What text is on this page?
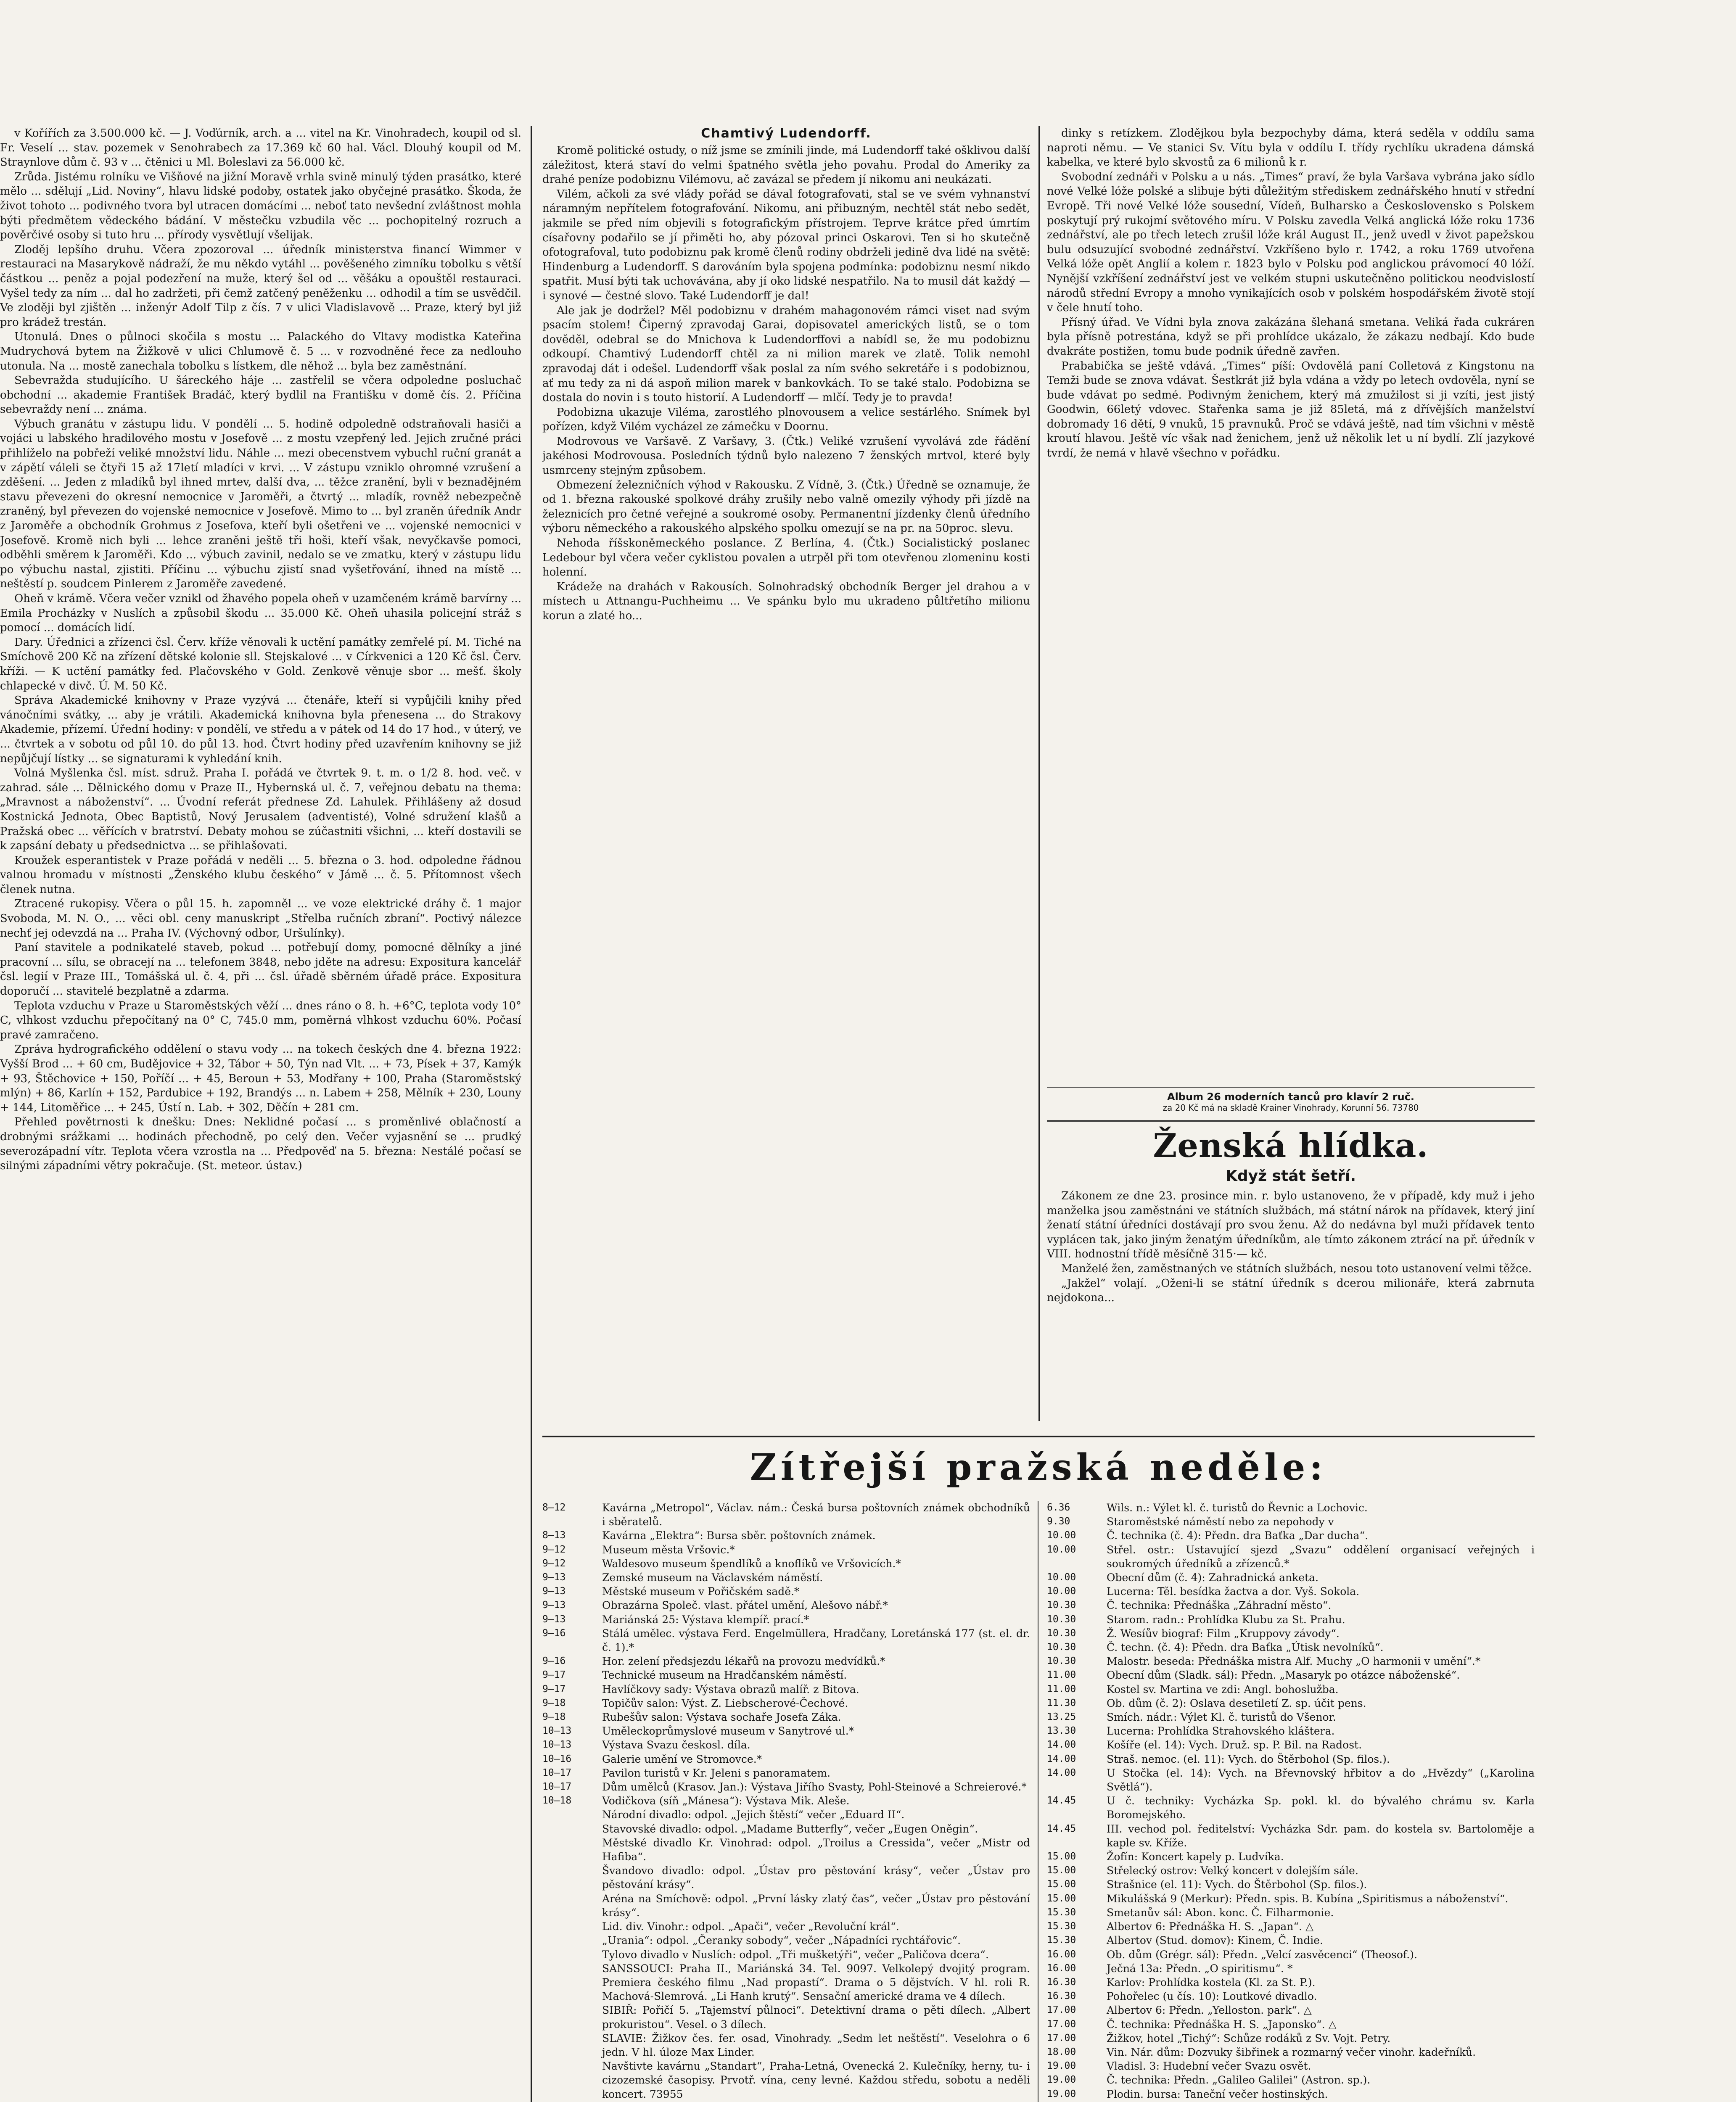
v Kořířích za 3.500.000 kč. — J. Voďúrník, arch. a ... vitel na Kr. Vinohradech, koupil od sl. Fr. Veselí ... stav. pozemek v Senohrabech za 17.369 kč 60 hal. Václ. Dlouhý koupil od M. Straynlove dům č. 93 v ... čtěnici u Ml. Boleslavi za 56.000 kč.

Zrůda. Jistému rolníku ve Višňové na jižní Moravě vrhla svině minulý týden prasátko, které mělo ... sdělují „Lid. Noviny“, hlavu lidské podoby, ostatek jako obyčejné prasátko. Škoda, že život tohoto ... podivného tvora byl utracen domácími ... neboť tato nevšední zvláštnost mohla býti předmětem vědeckého bádání. V městečku vzbudila věc ... pochopitelný rozruch a pověrčivé osoby si tuto hru ... přírody vysvětlují všelijak.

Zloděj lepšího druhu. Včera zpozoroval ... úředník ministerstva financí Wimmer v restauraci na Masarykově nádraží, že mu někdo vytáhl ... pověšeného zimníku tobolku s větší částkou ... peněz a pojal podezření na muže, který šel od ... věšáku a opouštěl restauraci. Vyšel tedy za ním ... dal ho zadržeti, při čemž zatčený peněženku ... odhodil a tím se usvědčil. Ve zloději byl zjištěn ... inženýr Adolf Tilp z čís. 7 v ulici Vladislavově ... Praze, který byl již pro krádež trestán.

Utonulá. Dnes o půlnoci skočila s mostu ... Palackého do Vltavy modistka Kateřina Mudrychová bytem na Žižkově v ulici Chlumově č. 5 ... v rozvodněné řece za nedlouho utonula. Na ... mostě zanechala tobolku s lístkem, dle něhož ... byla bez zaměstnání.

Sebevražda studujícího. U šáreckého háje ... zastřelil se včera odpoledne posluchač obchodní ... akademie František Bradáč, který bydlil na Františku v domě čís. 2. Příčina sebevraždy není ... známa.

Výbuch granátu v zástupu lidu. V pondělí ... 5. hodině odpoledně odstraňovali hasiči a vojáci u labského hradilového mostu v Josefově ... z mostu vzepřený led. Jejich zručné práci přihlíželo na pobřeží veliké množství lidu. Náhle ... mezi obecenstvem vybuchl ruční granát a v zápětí váleli se čtyři 15 až 17letí mladíci v krvi. ... V zástupu vzniklo ohromné vzrušení a zděšení. ... Jeden z mladíků byl ihned mrtev, další dva, ... těžce zranění, byli v beznadějném stavu převezeni do okresní nemocnice v Jaroměři, a čtvrtý ... mladík, rovněž nebezpečně zraněný, byl převezen do vojenské nemocnice v Josefově. Mimo to ... byl zraněn úředník Andr z Jaroměře a obchodník Grohmus z Josefova, kteří byli ošetřeni ve ... vojenské nemocnici v Josefově. Kromě nich byli ... lehce zraněni ještě tři hoši, kteří však, nevyčkavše pomoci, odběhli směrem k Jaroměři. Kdo ... výbuch zavinil, nedalo se ve zmatku, který v zástupu lidu po výbuchu nastal, zjistiti. Příčinu ... výbuchu zjistí snad vyšetřování, ihned na místě ... neštěstí p. soudcem Pinlerem z Jaroměře zavedené.

Oheň v krámě. Včera večer vznikl od žhavého popela oheň v uzamčeném krámě barvírny ... Emila Procházky v Nuslích a způsobil škodu ... 35.000 Kč. Oheň uhasila policejní stráž s pomocí ... domácích lidí.

Dary. Úřednici a zřízenci čsl. Červ. kříže věnovali k uctění památky zemřelé pí. M. Tiché na Smíchově 200 Kč na zřízení dětské kolonie sll. Stejskalové ... v Církvenici a 120 Kč čsl. Červ. kříži. — K uctění památky fed. Plačovského v Gold. Zenkově věnuje sbor ... mešť. školy chlapecké v divč. Ú. M. 50 Kč.

Správa Akademické knihovny v Praze vyzývá ... čtenáře, kteří si vypůjčili knihy před vánočními svátky, ... aby je vrátili. Akademická knihovna byla přenesena ... do Strakovy Akademie, přízemí. Úřední hodiny: v pondělí, ve středu a v pátek od 14 do 17 hod., v úterý, ve ... čtvrtek a v sobotu od půl 10. do půl 13. hod. Čtvrt hodiny před uzavřením knihovny se již nepůjčují lístky ... se signaturami k vyhledání knih.

Volná Myšlenka čsl. míst. sdruž. Praha I. pořádá ve čtvrtek 9. t. m. o 1/2 8. hod. več. v zahrad. sále ... Dělnického domu v Praze II., Hybernská ul. č. 7, veřejnou debatu na thema: „Mravnost a náboženství“. ... Úvodní referát přednese Zd. Lahulek. Přihlášeny až dosud Kostnická Jednota, Obec Baptistů, Nový Jerusalem (adventisté), Volné sdružení klašů a Pražská obec ... věřících v bratrství. Debaty mohou se zúčastniti všichni, ... kteří dostavili se k zapsání debaty u předsednictva ... se přihlašovati.

Kroužek esperantistek v Praze pořádá v neděli ... 5. března o 3. hod. odpoledne řádnou valnou hromadu v místnosti „Ženského klubu českého“ v Jámě ... č. 5. Přítomnost všech členek nutna.

Ztracené rukopisy. Včera o půl 15. h. zapomněl ... ve voze elektrické dráhy č. 1 major Svoboda, M. N. O., ... věci obl. ceny manuskript „Střelba ručních zbraní“. Poctivý nálezce nechť jej odevzdá na ... Praha IV. (Výchovný odbor, Uršulínky).

Paní stavitele a podnikatelé staveb, pokud ... potřebují domy, pomocné dělníky a jiné pracovní ... sílu, se obracejí na ... telefonem 3848, nebo jděte na adresu: Expositura kancelář čsl. legií v Praze III., Tomášská ul. č. 4, při ... čsl. úřadě sběrném úřadě práce. Expositura doporučí ... stavitelé bezplatně a zdarma.

Teplota vzduchu v Praze u Staroměstských věží ... dnes ráno o 8. h. +6°C, teplota vody 10° C, vlhkost vzduchu přepočítaný na 0° C, 745.0 mm, poměrná vlhkost vzduchu 60%. Počasí pravé zamračeno.

Zpráva hydrografického oddělení o stavu vody ... na tokech českých dne 4. března 1922: Vyšší Brod ... + 60 cm, Budějovice + 32, Tábor + 50, Týn nad Vlt. ... + 73, Písek + 37, Kamýk + 93, Štěchovice + 150, Poříčí ... + 45, Beroun + 53, Modřany + 100, Praha (Staroměstský mlýn) + 86, Karlín + 152, Pardubice + 192, Brandýs ... n. Labem + 258, Mělník + 230, Louny + 144, Litoměřice ... + 245, Ústí n. Lab. + 302, Děčín + 281 cm.

Přehled povětrnosti k dnešku: Dnes: Neklidné počasí ... s proměnlivé oblačností a drobnými srážkami ... hodinách přechodně, po celý den. Večer vyjasnění se ... prudký severozápadní vítr. Teplota včera vzrostla na ... Předpověď na 5. března: Nestálé počasí se silnými západními větry pokračuje. (St. meteor. ústav.)

Chamtivý Ludendorff.

Kromě politické ostudy, o níž jsme se zmínili jinde, má Ludendorff také ošklivou další záležitost, která staví do velmi špatného světla jeho povahu. Prodal do Ameriky za drahé peníze podobiznu Vilémovu, ač zavázal se předem jí nikomu ani neukázati.

Vilém, ačkoli za své vlády pořád se dával fotografovati, stal se ve svém vyhnanství náramným nepřítelem fotografování. Nikomu, ani přibuzným, nechtěl stát nebo sedět, jakmile se před ním objevili s fotografickým přístrojem. Teprve krátce před úmrtím císařovny podařilo se jí přiměti ho, aby pózoval princi Oskarovi. Ten si ho skutečně ofotografoval, tuto podobiznu pak kromě členů rodiny obdrželi jedině dva lidé na světě: Hindenburg a Ludendorff. S darováním byla spojena podmínka: podobiznu nesmí nikdo spatřit. Musí býti tak uchovávána, aby jí oko lidské nespatřilo. Na to musil dát každý — i synové — čestné slovo. Také Ludendorff je dal!

Ale jak je dodržel? Měl podobiznu v drahém mahagonovém rámci viset nad svým psacím stolem! Čiperný zpravodaj Garai, dopisovatel amerických listů, se o tom dověděl, odebral se do Mnichova k Ludendorffovi a nabídl se, že mu podobiznu odkoupí. Chamtivý Ludendorff chtěl za ni milion marek ve zlatě. Tolik nemohl zpravodaj dát i odešel. Ludendorff však poslal za ním svého sekretáře i s podobiznou, ať mu tedy za ni dá aspoň milion marek v bankovkách. To se také stalo. Podobizna se dostala do novin i s touto historií. A Ludendorff — mlčí. Tedy je to pravda!

Podobizna ukazuje Viléma, zarostlého plnovousem a velice sestárlého. Snímek byl pořízen, když Vilém vycházel ze zámečku v Doornu.

Modrovous ve Varšavě. Z Varšavy, 3. (Čtk.) Veliké vzrušení vyvolává zde řádění jakéhosi Modrovousa. Posledních týdnů bylo nalezeno 7 ženských mrtvol, které byly usmrceny stejným způsobem.

Obmezení železničních výhod v Rakousku. Z Vídně, 3. (Čtk.) Úředně se oznamuje, že od 1. března rakouské spolkové dráhy zrušily nebo valně omezily výhody při jízdě na železnicích pro četné veřejné a soukromé osoby. Permanentní jízdenky členů úředního výboru německého a rakouského alpského spolku omezují se na pr. na 50proc. slevu.

Nehoda říšskoněmeckého poslance. Z Berlína, 4. (Čtk.) Socialistický poslanec Ledebour byl včera večer cyklistou povalen a utrpěl při tom otevřenou zlomeninu kosti holenní.

Krádeže na drahách v Rakousích. Solnohradský obchodník Berger jel drahou a v místech u Attnangu-Puchheimu ... Ve spánku bylo mu ukradeno půltřetího milionu korun a zlaté ho...

dinky s retízkem. Zlodějkou byla bezpochyby dáma, která seděla v oddílu sama naproti němu. — Ve stanici Sv. Vítu byla v oddílu I. třídy rychlíku ukradena dámská kabelka, ve které bylo skvostů za 6 milionů k r.

Svobodní zednáři v Polsku a u nás. „Times“ praví, že byla Varšava vybrána jako sídlo nové Velké lóže polské a slibuje býti důležitým střediskem zednářského hnutí v střední Evropě. Tři nové Velké lóže sousední, Vídeň, Bulharsko a Československo s Polskem poskytují prý rukojmí světového míru. V Polsku zavedla Velká anglická lóže roku 1736 zednářství, ale po třech letech zrušil lóže král August II., jenž uvedl v život papežskou bulu odsuzující svobodné zednářství. Vzkříšeno bylo r. 1742, a roku 1769 utvořena Velká lóže opět Anglií a kolem r. 1823 bylo v Polsku pod anglickou právomocí 40 lóží. Nynější vzkříšení zednářství jest ve velkém stupni uskutečněno politickou neodvislostí národů střední Evropy a mnoho vynikajících osob v polském hospodářském životě stojí v čele hnutí toho.

Přísný úřad. Ve Vídni byla znova zakázána šlehaná smetana. Veliká řada cukráren byla přísně potrestána, když se při prohlídce ukázalo, že zákazu nedbají. Kdo bude dvakráte postižen, tomu bude podnik úředně zavřen.

Prababička se ještě vdává. „Times“ píší: Ovdovělá paní Colletová z Kingstonu na Temži bude se znova vdávat. Šestkrát již byla vdána a vždy po letech ovdověla, nyní se bude vdávat po sedmé. Podivným ženichem, který má zmužilost si ji vzíti, jest jistý Goodwin, 66letý vdovec. Stařenka sama je již 85letá, má z dřívějších manželství dobromady 16 dětí, 9 vnuků, 15 pravnuků. Proč se vdává ještě, nad tím všichni v městě kroutí hlavou. Ještě víc však nad ženichem, jenž už několik let u ní bydlí. Zlí jazykové tvrdí, že nemá v hlavě všechno v pořádku.

Album 26 moderních tanců pro klavír 2 ruč.
za 20 Kč má na skladě Krainer Vinohrady, Korunní 56. 73780

Ženská hlídka.

Když stát šetří.

Zákonem ze dne 23. prosince min. r. bylo ustanoveno, že v případě, kdy muž i jeho manželka jsou zaměstnáni ve státních službách, má státní nárok na přídavek, který jiní ženatí státní úředníci dostávají pro svou ženu. Až do nedávna byl muži přídavek tento vyplácen tak, jako jiným ženatým úředníkům, ale tímto zákonem ztrácí na př. úředník v VIII. hodnostní třídě měsíčně 315·— kč.

Manželé žen, zaměstnaných ve státních službách, nesou toto ustanovení velmi těžce.

„Jakžel“ volají. „Oženi-li se státní úředník s dcerou milionáře, která zabrnuta nejdokona...

Zítřejší pražská neděle:

8—12	Kavárna „Metropol“, Václav. nám.: Česká bursa poštovních známek obchodníků i sběratelů.
8—13	Kavárna „Elektra“: Bursa sběr. poštovních známek.
9—12	Museum města Vršovic.*
9—12	Waldesovo museum špendlíků a knoflíků ve Vršovicích.*
9—13	Zemské museum na Václavském náměstí.
9—13	Městské museum v Pořičském sadě.*
9—13	Obrazárna Společ. vlast. přátel umění, Alešovo nábř.*
9—13	Mariánská 25: Výstava klempíř. prací.*
9—16	Stálá umělec. výstava Ferd. Engelmüllera, Hradčany, Loretánská 177 (st. el. dr. č. 1).*
9—16	Hor. zelení předsjezdu lékařů na provozu medvídků.*
9—17	Technické museum na Hradčanském náměstí.
9—17	Havlíčkovy sady: Výstava obrazů malíř. z Bitova.
9—18	Topičův salon: Výst. Z. Liebscherové-Čechové.
9—18	Rubešův salon: Výstava sochaře Josefa Záka.
10—13	Uměleckoprůmyslové museum v Sanytrové ul.*
10—13	Výstava Svazu českosl. díla.
10—16	Galerie umění ve Stromovce.*
10—17	Pavilon turistů v Kr. Jeleni s panoramatem.
10—17	Dům umělců (Krasov. Jan.): Výstava Jiřího Svasty, Pohl-Steinové a Schreierové.*
10—18	Vodičkova (síň „Mánesa“): Výstava Mik. Aleše.
Národní divadlo: odpol. „Jejich štěstí“ večer „Eduard II“.
Stavovské divadlo: odpol. „Madame Butterfly“, večer „Eugen Oněgin“.
Městské divadlo Kr. Vinohrad: odpol. „Troilus a Cressida“, večer „Mistr od Hafiba“.
Švandovo divadlo: odpol. „Ústav pro pěstování krásy“, večer „Ústav pro pěstování krásy“.
Aréna na Smíchově: odpol. „První lásky zlatý čas“, večer „Ústav pro pěstování krásy“.
Lid. div. Vinohr.: odpol. „Apači“, večer „Revoluční král“.
„Urania“: odpol. „Čeranky sobody“, večer „Nápadníci rychtářovic“.
Tylovo divadlo v Nuslích: odpol. „Tři mušketýři“, večer „Paličova dcera“.
SANSSOUCI: Praha II., Mariánská 34. Tel. 9097. Velkolepý dvojitý program. Premiera českého filmu „Nad propastí“. Drama o 5 dějstvích. V hl. roli R. Machová-Slemrová. „Li Hanh krutý“. Sensační americké drama ve 4 dílech.
SIBIŘ: Pořičí 5. „Tajemství půlnoci“. Detektivní drama o pěti dílech. „Albert prokuristou“. Vesel. o 3 dílech.
SLAVIE: Žižkov čes. fer. osad, Vinohrady. „Sedm let neštěstí“. Veselohra o 6 jedn. V hl. úloze Max Linder.
Navštivte kavárnu „Standart“, Praha-Letná, Ovenecká 2. Kulečníky, herny, tu- i cizozemské časopisy. Prvotř. vína, ceny levné. Každou středu, sobotu a neděli koncert. 73955
6.36	Wils. n.: Výlet kl. č. turistů do Řevnic a Lochovic.
9.30	Staroměstské náměstí nebo za nepohody v
10.00	Č. technika (č. 4): Předn. dra Baťka „Dar ducha“.
10.00	Střel. ostr.: Ustavující sjezd „Svazu“ oddělení organisací veřejných i soukromých úředníků a zřízenců.*
10.00	Obecní dům (č. 4): Zahradnická anketa.
10.00	Lucerna: Těl. besídka žactva a dor. Vyš. Sokola.
10.30	Č. technika: Přednáška „Záhradní město“.
10.30	Starom. radn.: Prohlídka Klubu za St. Prahu.
10.30	Ž. Wesíův biograf: Film „Kruppovy závody“.
10.30	Č. techn. (č. 4): Předn. dra Baťka „Útisk nevolníků“.
10.30	Malostr. beseda: Přednáška mistra Alf. Muchy „O harmonii v umění“.*
11.00	Obecní dům (Sladk. sál): Předn. „Masaryk po otázce náboženské“.
11.00	Kostel sv. Martina ve zdi: Angl. bohoslužba.
11.30	Ob. dům (č. 2): Oslava desetiletí Z. sp. účit pens.
13.25	Smích. nádr.: Výlet Kl. č. turistů do Všenor.
13.30	Lucerna: Prohlídka Strahovského kláštera.
14.00	Košíře (el. 14): Vych. Druž. sp. P. Bil. na Radost.
14.00	Straš. nemoc. (el. 11): Vych. do Štěrbohol (Sp. filos.).
14.00	U Stočka (el. 14): Vych. na Břevnovský hřbitov a do „Hvězdy“ („Karolina Světlá“).
14.45	U č. techniky: Vycházka Sp. pokl. kl. do bývalého chrámu sv. Karla Boromejského.
14.45	III. vechod pol. ředitelství: Vycházka Sdr. pam. do kostela sv. Bartoloměje a kaple sv. Kříže.
15.00	Žofín: Koncert kapely p. Ludvíka.
15.00	Střelecký ostrov: Velký koncert v dolejším sále.
15.00	Strašnice (el. 11): Vych. do Štěrbohol (Sp. filos.).
15.00	Mikulášská 9 (Merkur): Předn. spis. B. Kubína „Spiritismus a náboženství“.
15.30	Smetanův sál: Abon. konc. Č. Filharmonie.
15.30	Albertov 6: Přednáška H. S. „Japan“. △
15.30	Albertov (Stud. domov): Kinem, Č. Indie.
16.00	Ob. dům (Grégr. sál): Předn. „Velcí zasvěcenci“ (Theosof.).
16.00	Ječná 13a: Předn. „O spiritismu“. *
16.30	Karlov: Prohlídka kostela (Kl. za St. P.).
16.30	Pohořelec (u čís. 10): Loutkové divadlo.
17.00	Albertov 6: Předn. „Yelloston. park“. △
17.00	Č. technika: Přednáška H. S. „Japonsko“. △
17.00	Žižkov, hotel „Tichý“: Schůze rodáků z Sv. Vojt. Petry.
18.00	Vin. Nár. dům: Dozvuky šibřinek a rozmarný večer vinohr. kadeřníků.
19.00	Vladisl. 3: Hudební večer Svazu osvět.
19.00	Č. technika: Předn. „Galileo Galilei“ (Astron. sp.).
19.00	Plodin. bursa: Taneční večer hostinských.
